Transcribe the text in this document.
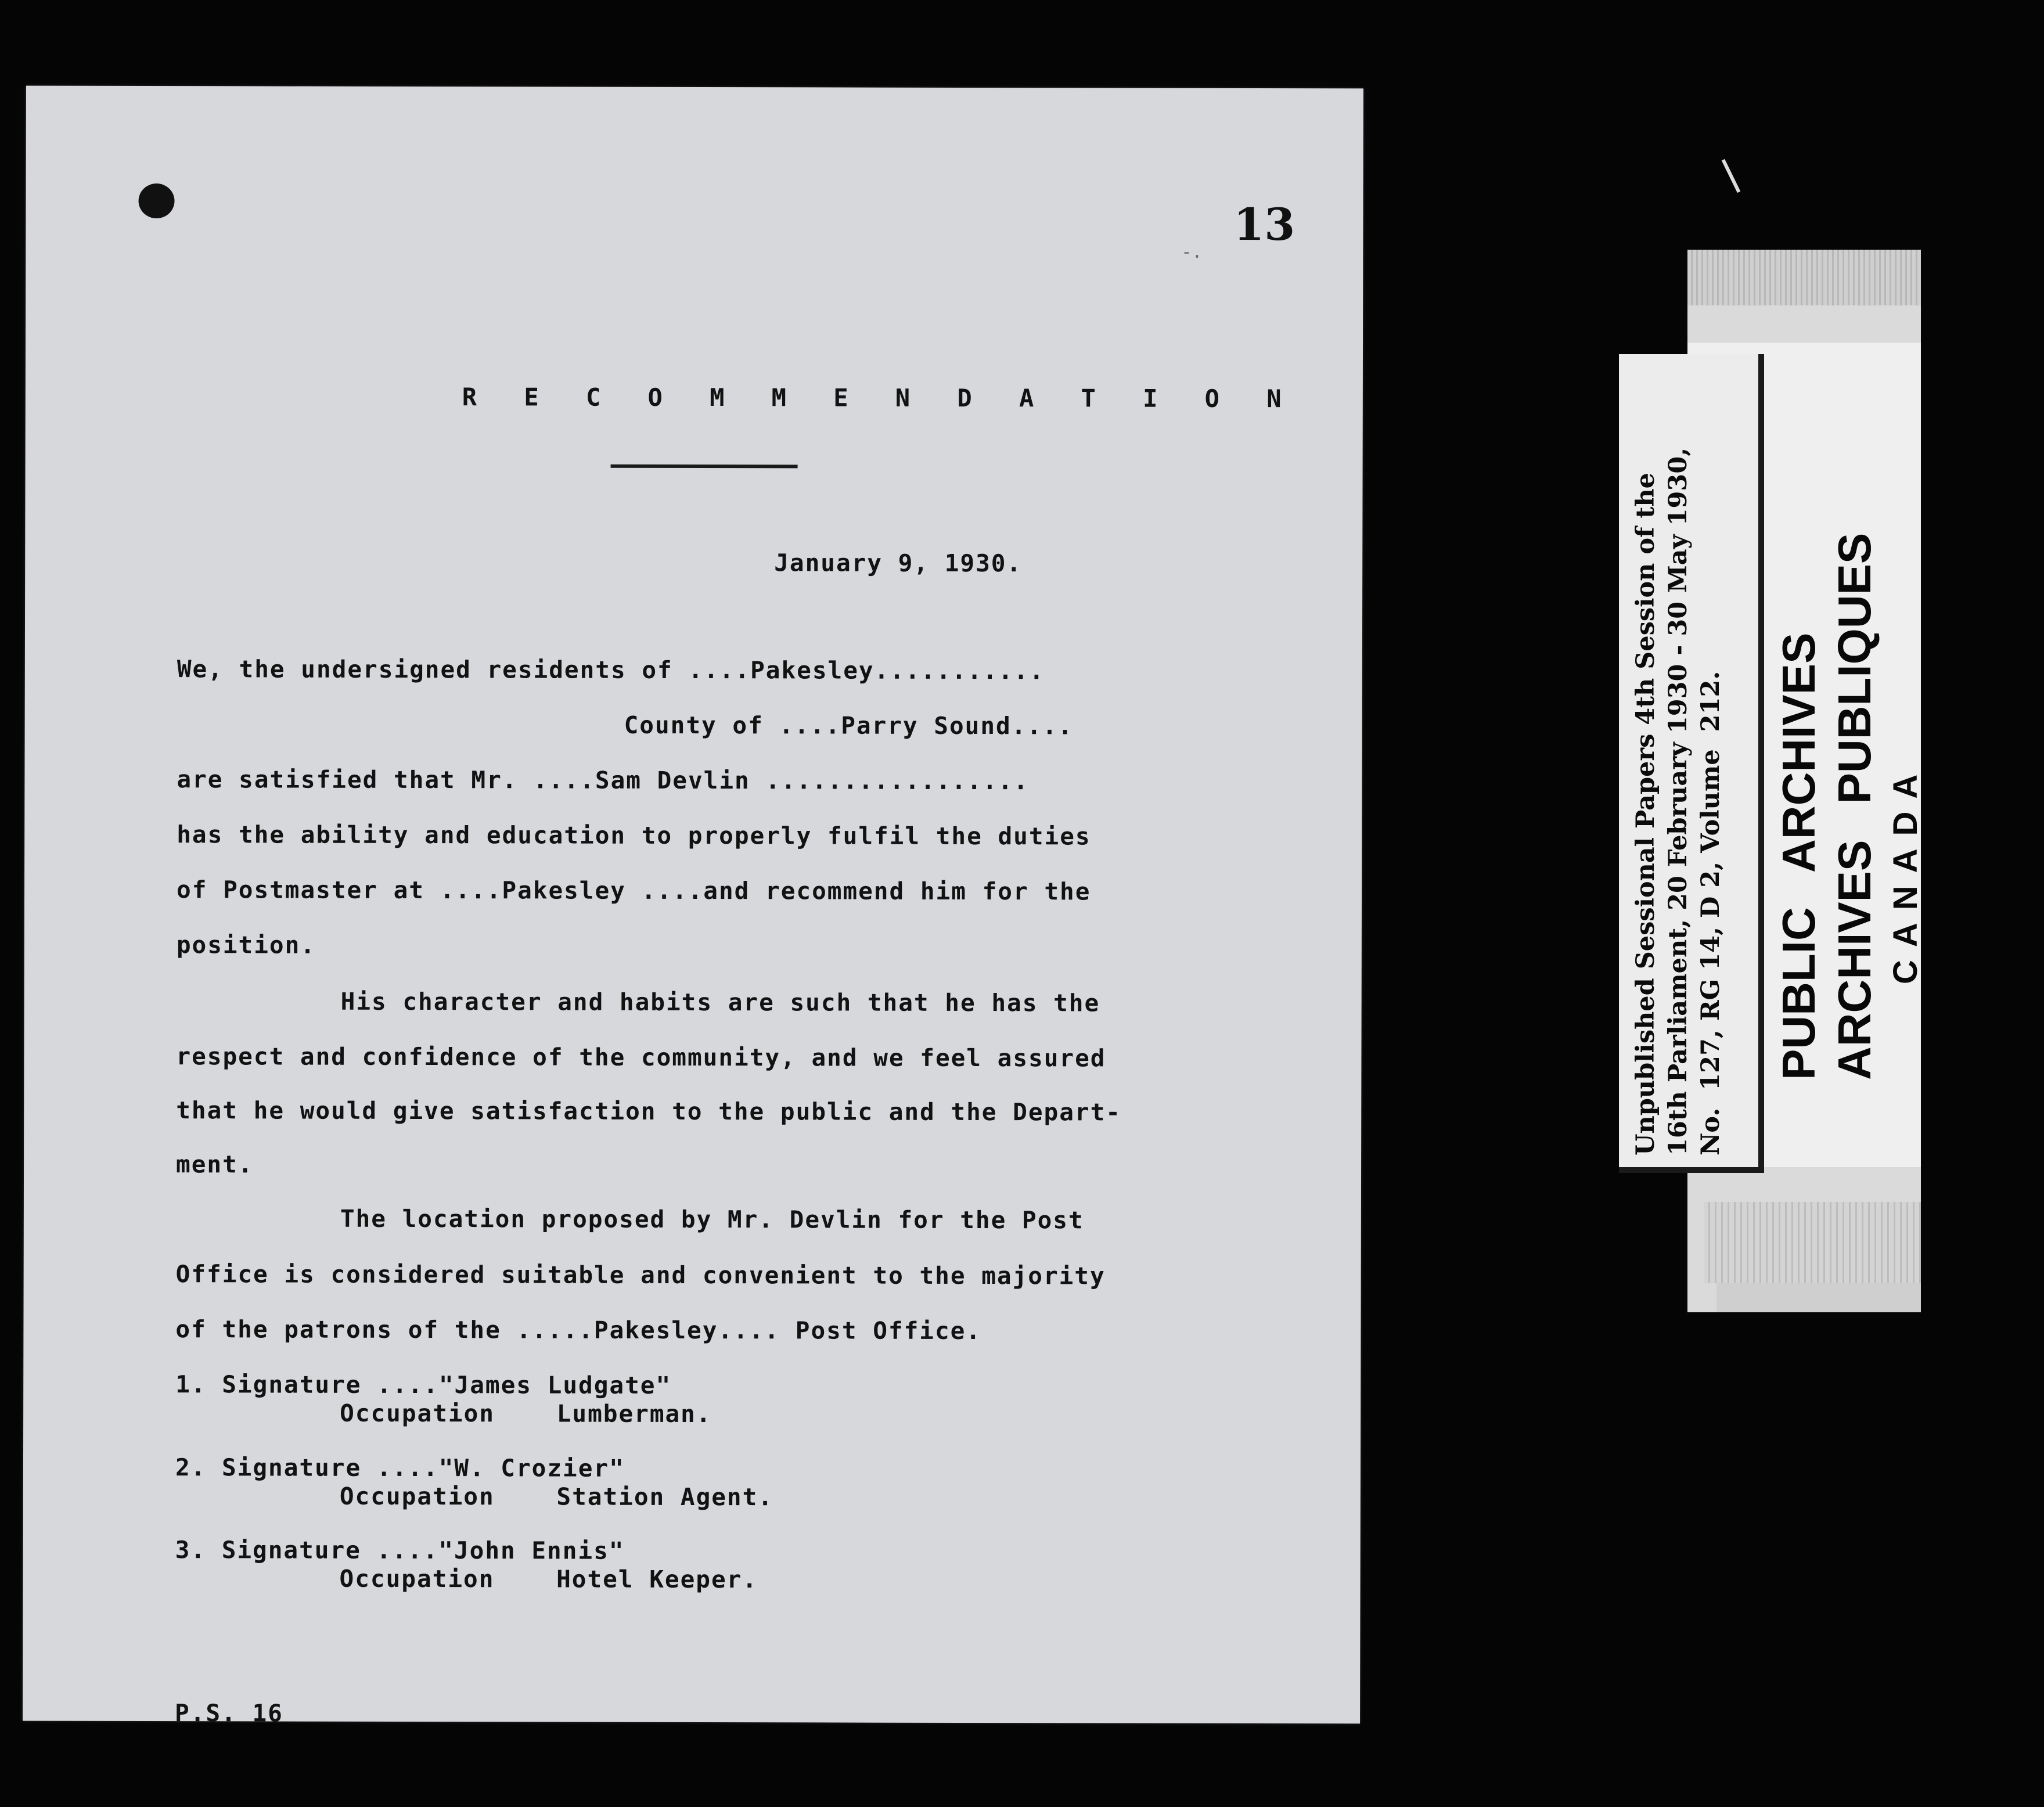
13
-.
R E C O M M E N D A T I O N
January 9, 1930.
We, the undersigned residents of ....Pakesley...........
County of ....Parry Sound....
are satisfied that Mr. ....Sam Devlin .................
has the ability and education to properly fulfil the duties
of Postmaster at ....Pakesley ....and recommend him for the
position.
His character and habits are such that he has the
respect and confidence of the community, and we feel assured
that he would give satisfaction to the public and the Depart-
ment.
The location proposed by Mr. Devlin for the Post
Office is considered suitable and convenient to the majority
of the patrons of the .....Pakesley.... Post Office.
1. Signature ...."James Ludgate"
Occupation    Lumberman.
2. Signature ...."W. Crozier"
Occupation    Station Agent.
3. Signature ...."John Ennis"
Occupation    Hotel Keeper.
P.S. 16
Unpublished Sessional Papers 4th Session of the 16th Parliament, 20 February 1930 - 30 May 1930, No.  127, RG 14, D 2, Volume  212. PUBLIC ARCHIVES ARCHIVES PUBLIQUES CANADA
